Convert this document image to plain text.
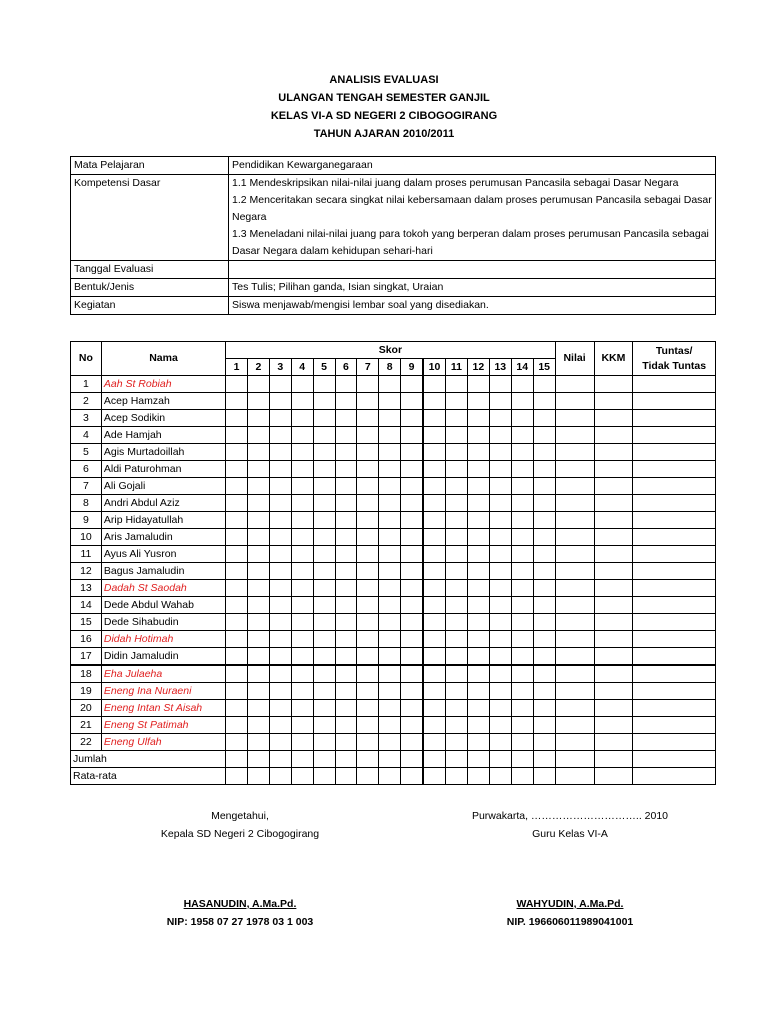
ANALISIS EVALUASI
ULANGAN TENGAH SEMESTER GANJIL
KELAS VI-A SD NEGERI 2 CIBOGOGIRANG
TAHUN AJARAN 2010/2011
Mata Pelajaran	Pendidikan Kewarganegaraan
Kompetensi Dasar	1.1 Mendeskripsikan nilai-nilai juang dalam proses perumusan Pancasila sebagai Dasar Negara
1.2 Menceritakan secara singkat nilai kebersamaan dalam proses perumusan Pancasila sebagai Dasar Negara
1.3 Meneladani nilai-nilai juang para tokoh yang berperan dalam proses perumusan Pancasila sebagai Dasar Negara dalam kehidupan sehari-hari

Tanggal Evaluasi	
Bentuk/Jenis	Tes Tulis; Pilihan ganda, Isian singkat, Uraian
Kegiatan	Siswa menjawab/mengisi lembar soal yang disediakan.
No	Nama	Skor															Nilai	KKM	Tuntas/
Tidak Tuntas

		1	2	3	4	5	6	7	8	9	10	11	12	13	14	15			
1	Aah St Robiah																		
2	Acep Hamzah																		
3	Acep Sodikin																		
4	Ade Hamjah																		
5	Agis Murtadoillah																		
6	Aldi Paturohman																		
7	Ali Gojali																		
8	Andri Abdul Aziz																		
9	Arip Hidayatullah																		
10	Aris Jamaludin																		
11	Ayus Ali Yusron																		
12	Bagus Jamaludin																		
13	Dadah St Saodah																		
14	Dede Abdul Wahab																		
15	Dede Sihabudin																		
16	Didah Hotimah																		
17	Didin Jamaludin																		
18	Eha Julaeha																		
19	Eneng Ina Nuraeni																		
20	Eneng Intan St Aisah																		
21	Eneng St Patimah																		
22	Eneng Ulfah																		
Jumlah																			
Rata-rata																			
Mengetahui,
Kepala SD Negeri 2 Cibogogirang
HASANUDIN, A.Ma.Pd.
NIP: 1958 07 27 1978 03 1 003
Purwakarta, ………………………….. 2010
Guru Kelas VI-A
WAHYUDIN, A.Ma.Pd.
NIP. 196606011989041001
